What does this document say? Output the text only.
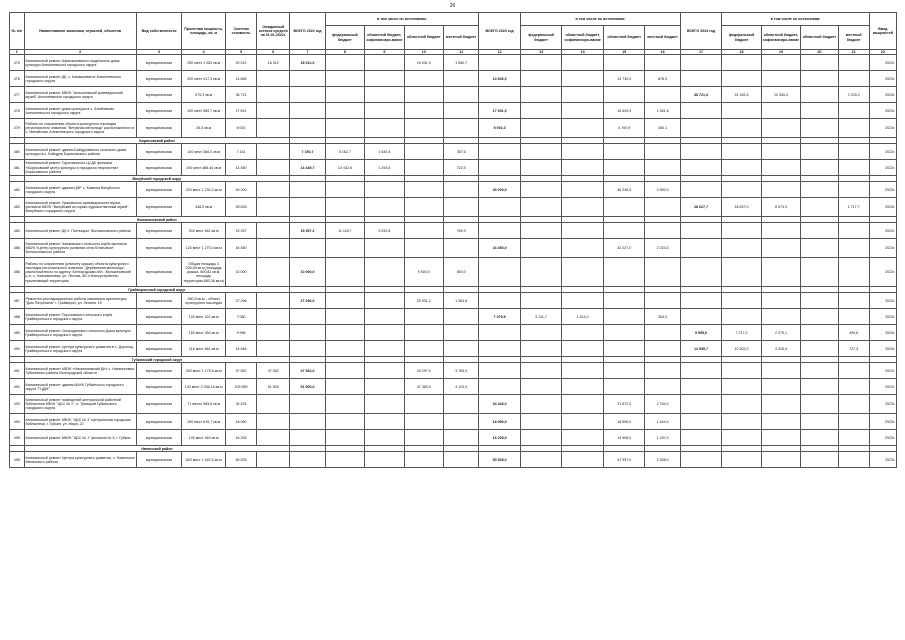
26
№ п/п	Наименование заказчика, отраслей, объектов	Вид собственности	Проектная мощность, площадь, кв. м	Сметная стоимость	Ожидаемый остаток средств на 01.01.2022г.	ВСЕГО 2022 год	в том числе по источникам:				ВСЕГО 2023 год	в том числе по источникам:				ВСЕГО 2024 год	в том числе по источникам:				Ввод мощностей
							федеральный бюджет	областной бюджет, софинансиро-вание	областной бюджет	местный бюджет		федеральный бюджет	областной бюджет, софинансиро-вание	областной бюджет	местный бюджет		федеральный бюджет	областной бюджет, софинансиро-вание	областной бюджет	местный бюджет	
1	2	3	4	5	6	7	8	9	10	11	12	13	14	15	16	17	18	19	20	21	22
475	Капитальный ремонт Афанасьевского модельного дома культуры Алексеевского городского округа	муниципальная	250 мест 1 083 кв.м	20 012	18 012	18 012,0			16 931,3	1 080,7											2022г.
476	Капитальный ремонт ДК, с. Камышеватое Алексеевского городского округа	муниципальная	200 мест 417,3 кв.м	14 666							14 606,0			13 730,0	876,0						2023г.
477	Капитальный ремонт МБУК "Алексеевский краеведческий музей" Алексеевского городского округа	муниципальная	575,3 кв.м	36 721												36 721,3	24 162,6	10 355,4		2 203,3	2024г.
478	Капитальный ремонт дома культуры в с. Алейниково Алексеевского городского округа	муниципальная	100 мест 589,7 кв.м	17 691							17 691,0			16 629,5	1 061,5						2023г.
479	Работы по сохранению объекта культурного наследия регионального значения "Ветряная мельница" расположенного в с. Меняйлово Алексеевского городского округа	муниципальная	26,5 кв.м	5 001							5 001,0			4 700,9	300,1						2023г.
	Борисовский район																				
480	Капитальный ремонт здания Байцуровского сельского дома культуры в с. Байцуры Борисовского района	муниципальная	100 мест 366,0 кв.м	7 151		7 150,7	5 162,7	1 630,4		357,6											2022г.
481	Капитальный ремонт Грузсчанского ЦСДК филиала «Борисовский центр культуры и народного творчества» Борисовского района	муниципальная	200 мест 488,44 кв.м	14 450		14 449,7	10 432,6	3 294,6		722,5											2022г.
	Валуйский городской округ																				
482	Капитальный ремонт здания ЦКР, с. Казинка Валуйского городского округа	муниципальная	200 мест 1 230,2 кв.м	49 200							49 200,0			46 248,0	2 952,0						2023г.
483	Капитальный ремонт Уразовского краеведческого музея, филиала МБУК "Валуйский историко-художественный музей" Валуйского городского округа	муниципальная	448,5 кв.м	28 628												28 627,7	18 837,0	8 073,0		1 717,7	2024г.
	Волоконовский район																				
484	Капитальный ремонт ДК п. Пятницкое, Волоконовского района	муниципальная	200 мест 662 кв.м	15 397		15 397,2	11 118,7	3 510,6		769,9											2022г.
485	Капитальный ремонт Чапаевского сельского клуба филиала МБУК «Центр культурного развития села Ютановка» Волоконовского района	муниципальная	120 мест 1 270,0 кв.м	44 450							44 450,0			42 227,0	2 223,0						2023г.
486	Работы по сохранению (ремонту крыши) объекта культурного наследия регионального значения "Деревянная мельница", расположенного по адресу: Белгородская обл., Волоконовский р-н, с. Новоивановка, ул. Лесная, 6Б и благоустройство прилегающей территории	муниципальная	Общая площадь 3 025,08 кв.м (площадь крыши- 600,82 кв.м, площадь территории-883,36 кв.м)	10 000		10 000,0			9 500,0	500,0											2022г.
	Грайворонский городской округ																				
487	Ремонтно-реставрационные работы памятника архитектуры "Дом Патронина" г. Грайворон, ул. Ленина, 19	муниципальная	280,9 кв.м – объект культурного наследия	27 296		27 296,0			25 931,2	1 364,8											2022г.
488	Капитальный ремонт Порозовского сельского клуба Грайворонского городского округа	муниципальная	100 мест 322 кв.м	7 080							7 079,9	5 111,7	1 614,2		354,0						2023г.
489	Капитальный ремонт Смородинского сельского Дома культуры Грайворонского городского округа	муниципальная	150 мест 354 кв.м	9 996												9 995,9	7 217,0	2 279,1		499,8	2024г.
490	Капитальный ремонт Центра культурного развития в с. Дорогощ Грайворонского городского округа	муниципальная	216 мест 661 кв.м	14 546												14 545,7	10 502,0	3 316,4		727,3	2024г.
	Губкинский городской округ																				
491	Капитальный ремонт МБУК «Никаноновский ДК» с. Никаноновка Губкинского района Белгородской области	муниципальная	300 мест 1 175,5 кв.м	57 062	47 062	47 062,0			43 297,0	3 765,0											2022г.
492	Капитальный ремонт здания МАУК Губкинского городского округа "ГЦДМ"	муниципальная	130 мест 2 036,18 кв.м	105 590	51 500	51 500,0			47 380,0	4 120,0											2022г.
493	Капитальный ремонт помещений центральной районной библиотеки МБУК "ЦБС № 1", п. Троицкий Губкинского городского округа	муниципальная	71 место 983,6 кв.м	34 426							34 426,0			31 672,0	2 754,0						2023г.
494	Капитальный ремонт МБУК "ЦБС № 3" центральная городская библиотека, г. Губкин, ул. Мира, 22	муниципальная	250 мест 515,7 кв.м	18 050							18 050,0			16 606,0	1 444,0						2023г.
495	Капитальный ремонт МБУК "ЦБС № 1" филиала № 5, г. Губкин	муниципальная	100 мест 463 кв.м	16 205							16 205,0			14 908,0	1 297,0						2023г.
	Ивнянский район																				
496	Капитальный ремонт Центра культурного развития, с. Новенькое Ивнянского района	муниципальная	600 мест 1 443,5 кв.м	50 525							50 525,0			47 997,0	2 528,0						2023г.
